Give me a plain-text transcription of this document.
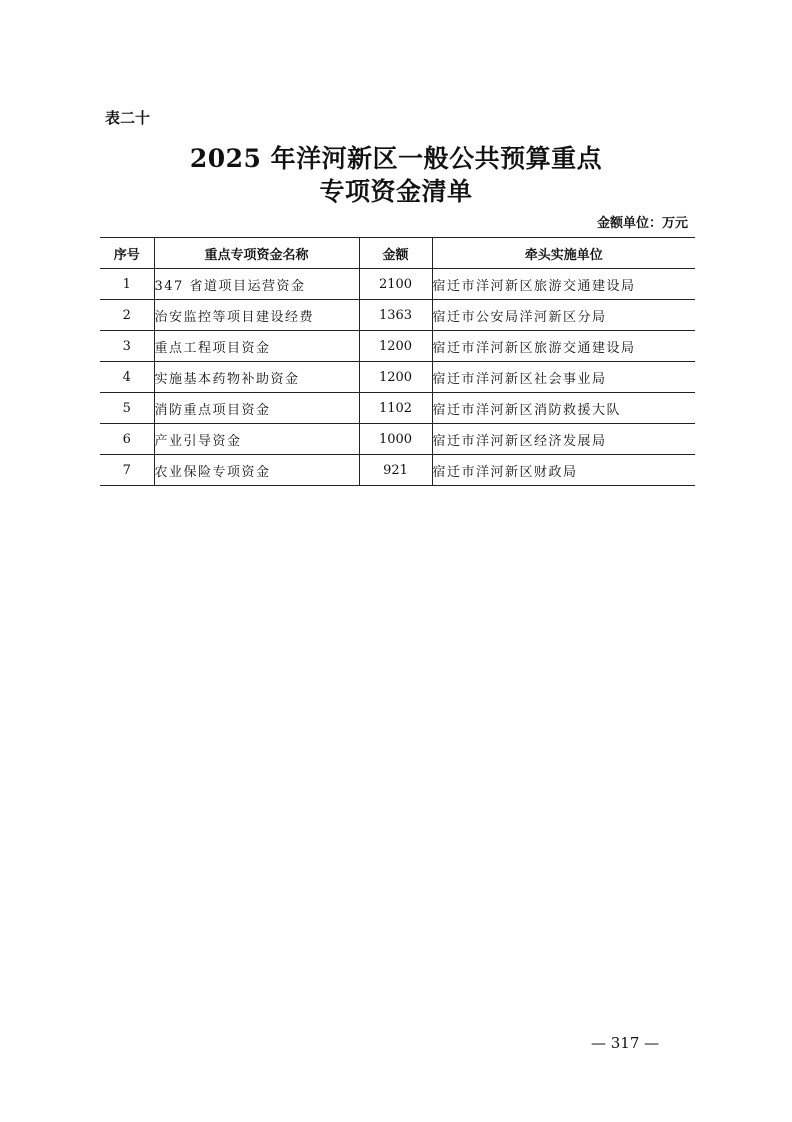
表二十
2025 年洋河新区一般公共预算重点
专项资金清单
金额单位：万元
序号	重点专项资金名称	金额	牵头实施单位
1	347 省道项目运营资金	2100	宿迁市洋河新区旅游交通建设局
2	治安监控等项目建设经费	1363	宿迁市公安局洋河新区分局
3	重点工程项目资金	1200	宿迁市洋河新区旅游交通建设局
4	实施基本药物补助资金	1200	宿迁市洋河新区社会事业局
5	消防重点项目资金	1102	宿迁市洋河新区消防救援大队
6	产业引导资金	1000	宿迁市洋河新区经济发展局
7	农业保险专项资金	921	宿迁市洋河新区财政局
— 317 —
